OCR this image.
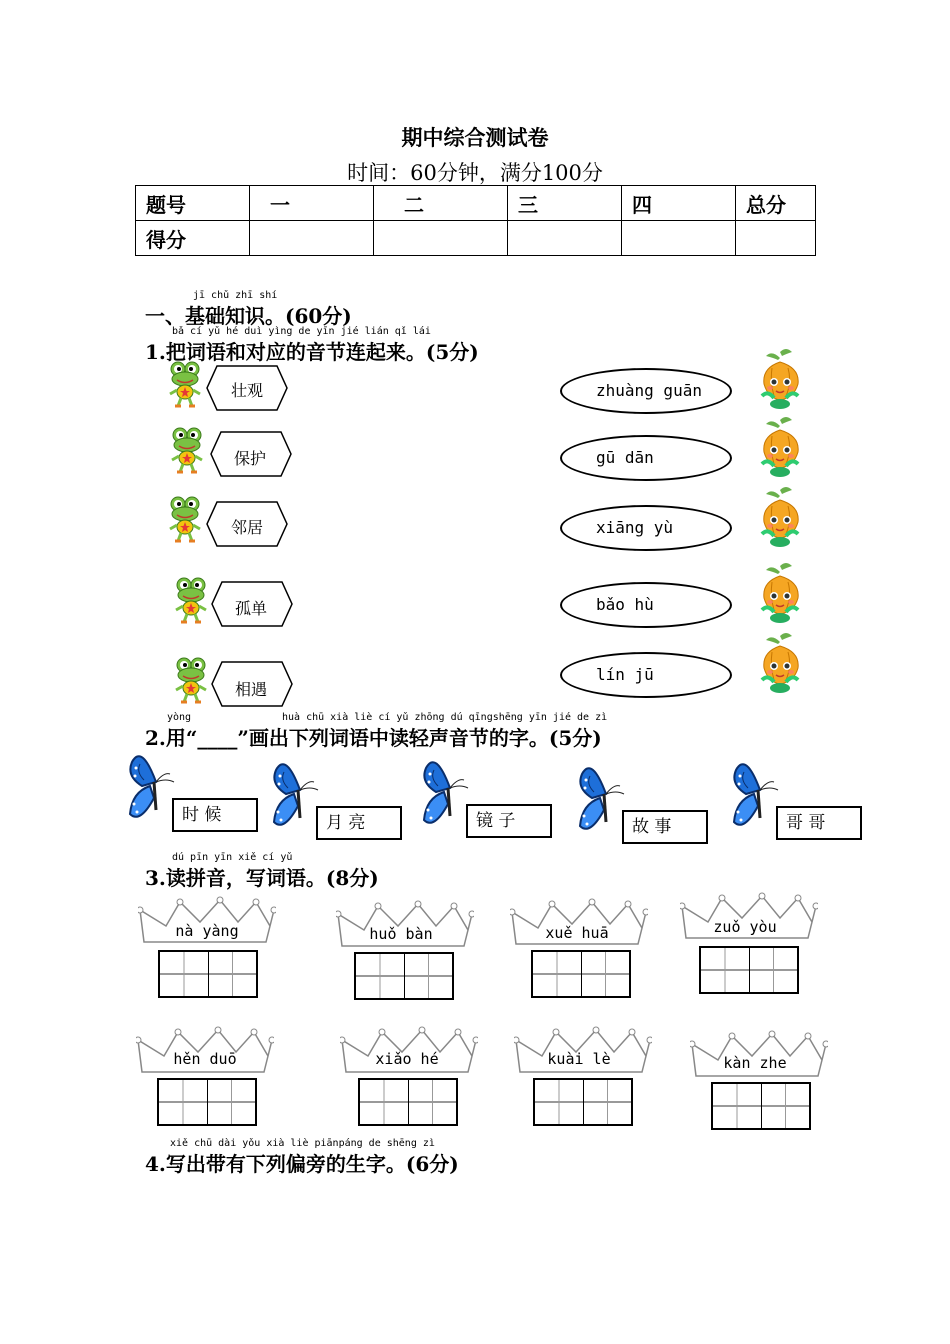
期中综合测试卷
时间：60分钟，满分100分
题号	一	二	三	四	总分
得分					
jī chǔ zhī shí
一、基础知识。(60分)
bǎ cí yǔ hé duì yìng de yīn jié lián qǐ lái
1.把词语和对应的音节连起来。(5分)
壮观	zhuàng guān
保护	gū dān
邻居	xiāng yù
孤单	bǎo hù
相遇
lín jū
yòng	huà chū xià liè cí yǔ zhōng dú qīngshēng yīn jié de zì
2.用“____”画出下列词语中读轻声音节的字。(5分)
时 候	月 亮	镜 子	故 事	哥 哥
dú pīn yīn xiě cí yǔ
3.读拼音，写词语。(8分)
nà yàng	huǒ bàn	xuě huā	zuǒ yòu
hěn duō	xiǎo hé	kuài lè	kàn zhe
xiě chū dài yǒu xià liè piānpáng de shēng zì
4.写出带有下列偏旁的生字。(6分)
